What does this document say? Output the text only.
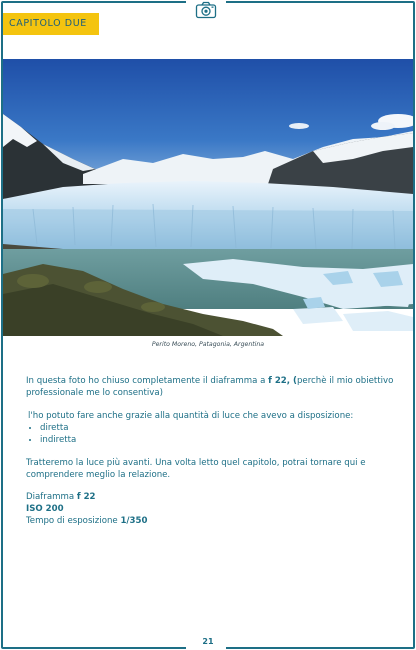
CAPITOLO DUE
Perito Moreno, Patagonia, Argentina
In questa foto ho chiuso completamente il diaframma a f 22, (perchè il mio obiettivo professionale me lo consentiva)
l'ho potuto fare anche grazie alla quantità di luce che avevo a disposizione:
• diretta
• indiretta
Tratteremo la luce più avanti. Una volta letto quel capitolo, potrai tornare qui e comprendere meglio la relazione.
Diaframma f 22
ISO 200
Tempo di esposizione 1/350
21
